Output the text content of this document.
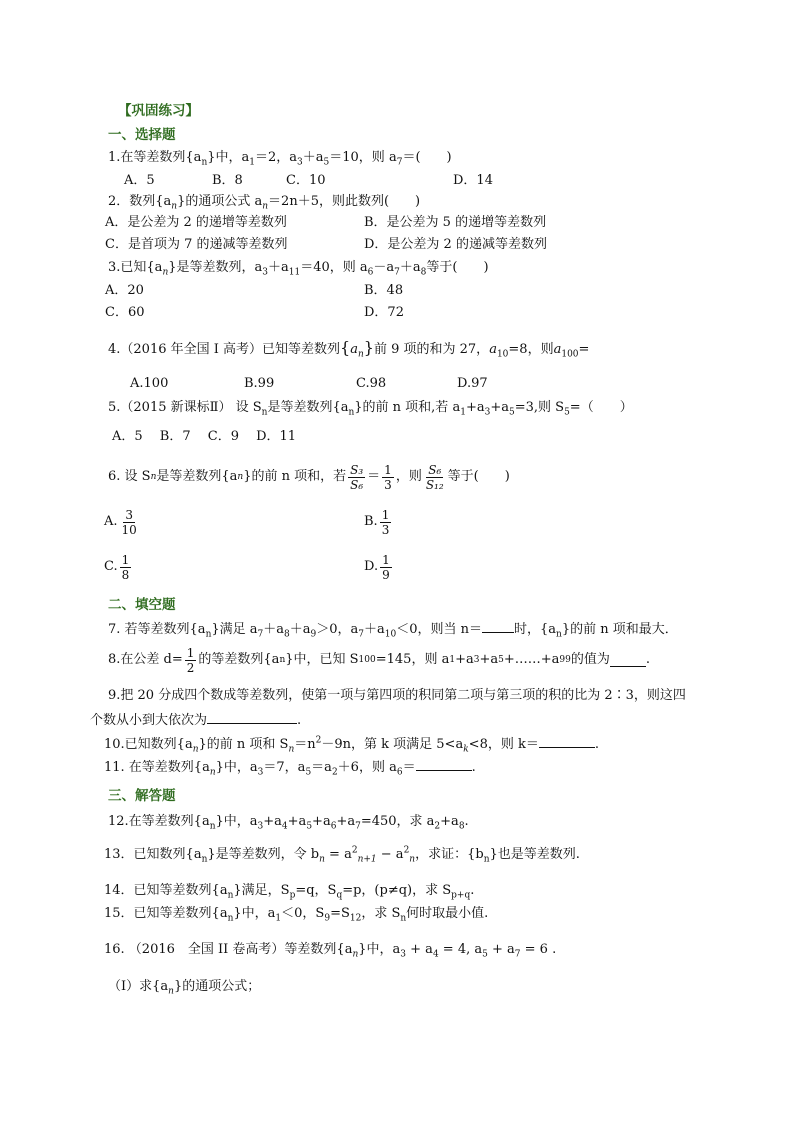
【巩固练习】
一、选择题
1.在等差数列$\{a_n\}$中，$a_1=2$，$a_3+a_5=10$，则 $a_7=$(　　)
A．5	B．8	C．10	D．14
2．数列$\{a_n\}$的通项公式 $a_n=2n+5$，则此数列(　　)
A．是公差为 2 的递增等差数列	B．是公差为 5 的递增等差数列
C．是首项为 7 的递减等差数列	D．是公差为 2 的递减等差数列
3.已知$\{a_n\}$是等差数列，$a_3+a_{11}=40$，则 $a_6-a_7+a_8$等于(　　)
A．20	B．48
C．60	D．72
4.（2016 年全国 I 高考）已知等差数列$\{a_n\}$前 9 项的和为 27，$a_{10}=8$，则$a_{100}=$
A.100	B.99	C.98	D.97
5.（2015 新课标Ⅱ） 设 $S_n$是等差数列$\{a_n\}$的前 n 项和,若 $a_1+a_3+a_5=3$,则 $S_5=$（　　）
A．5　 B．7　 C．9　 D．11
6. 设 S n 是等差数列{a n }的前 n 项和，若 $\frac{\text{S₃}}{\text{S₆}} = \frac{1}{3}$ ，则 $\frac{\text{S₆}}{\text{S₁₂}}$ 等于(　　)
A. $\frac{3}{10}$	B. $\frac{1}{3}$
C. $\frac{1}{8}$	D. $\frac{1}{9}$
二、填空题
7. 若等差数列$\{a_n\}$满足 $a_7+a_8+a_9>0$，$a_7+a_{10}<0$，则当 n＝ 时，$\{a_n\}$的前 n 项和最大．
8.在公差 $d= \frac{1}{2}$ 的等差数列{a n }中，已知 S 100 =145，则 a 1 +a 3 +a 5 +……+a 99 的值为	.
9.把 20 分成四个数成等差数列，使第一项与第四项的积同第二项与第三项的积的比为 2∶3，则这四
个数从小到大依次为	.
10.已知数列$\{a_n\}$的前 n 项和 $S_n=n^2-9n$，第 k 项满足 $5<a_k<8$，则 k＝	.
11. 在等差数列$\{a_n\}$中，$a_3=7$，$a_5=a_2+6$，则 $a_6=$	.
三、解答题
12.在等差数列$\{a_n\}$中，$a_3+a_4+a_5+a_6+a_7=450$，求 $a_2+a_8$.
13．已知数列$\{a_n\}$是等差数列，令 $b_n = a^2_{n+1} - a^2_n$，求证：$\{b_n\}$也是等差数列.
14．已知等差数列$\{a_n\}$满足，$S_p=q$，$S_q=p$，(p≠q)，求 $S_{p+q}$.
15．已知等差数列$\{a_n\}$中，$a_1<0$，$S_9=S_{12}$，求 $S_n$何时取最小值.
16. （2016　全国 II 卷高考）等差数列$\{a_n\}$中，$a_3 + a_4 = 4$, $a_5 + a_7 = 6$ .
（I）求$\{a_n\}$的通项公式；
